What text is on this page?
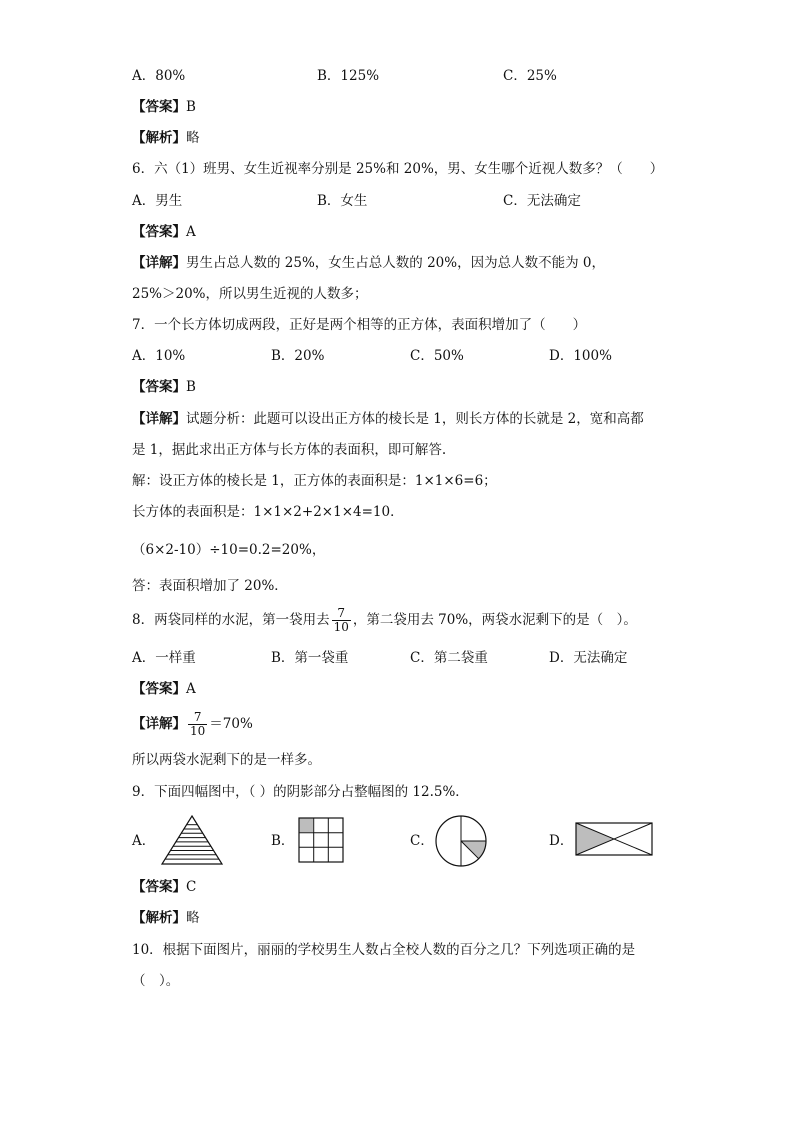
A．80%	B．125%	C．25%
【答案】B
【解析】略
6．六（1）班男、女生近视率分别是 25%和 20%，男、女生哪个近视人数多？（　　）
A．男生	B．女生	C．无法确定
【答案】A
【详解】男生占总人数的 25%，女生占总人数的 20%，因为总人数不能为 0，
25%＞20%，所以男生近视的人数多；
7．一个长方体切成两段，正好是两个相等的正方体，表面积增加了（　　）
A．10%	B．20%	C．50%	D．100%
【答案】B
【详解】试题分析：此题可以设出正方体的棱长是 1，则长方体的长就是 2，宽和高都
是 1，据此求出正方体与长方体的表面积，即可解答.
解：设正方体的棱长是 1，正方体的表面积是：1×1×6=6；
长方体的表面积是：1×1×2+2×1×4=10．
（6×2-10）÷10=0.2=20%，
答：表面积增加了 20%．
8．两袋同样的水泥，第一袋用去 $\frac{7}{10}$ ，第二袋用去 70%，两袋水泥剩下的是（　）。
A．一样重	B．第一袋重	C．第二袋重	D．无法确定
【答案】A
【详解】 $\frac{7}{10} =70\%$
所以两袋水泥剩下的是一样多。
9．下面四幅图中，（ ）的阴影部分占整幅图的 12.5%．
A．	B．	C．	D．
【答案】C
【解析】略
10．根据下面图片，丽丽的学校男生人数占全校人数的百分之几？下列选项正确的是
（　）。
